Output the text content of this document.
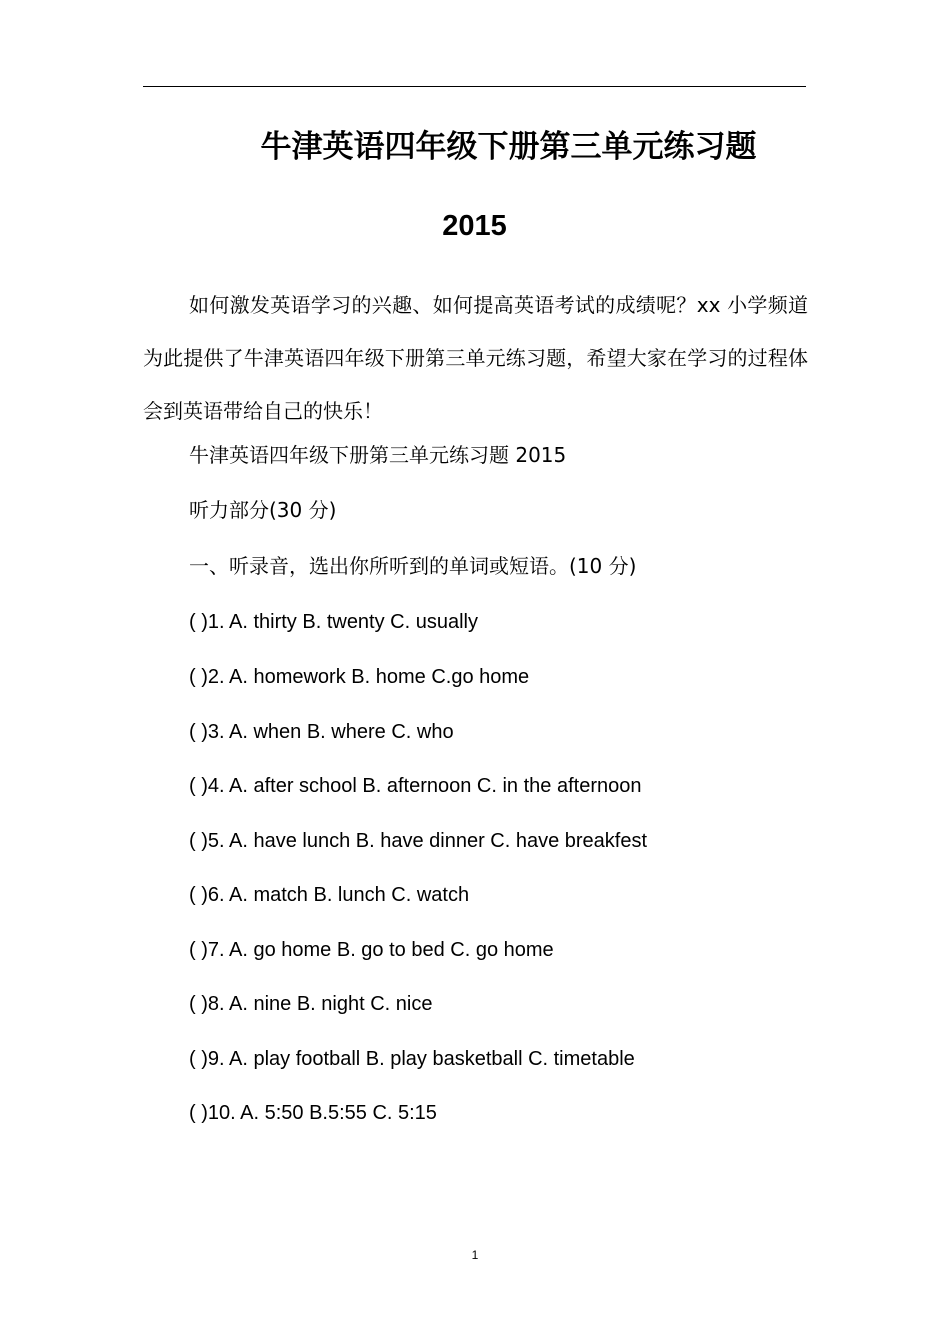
牛津英语四年级下册第三单元练习题
2015

如何激发英语学习的兴趣、如何提高英语考试的成绩呢？xx 小学频道为此提供了牛津英语四年级下册第三单元练习题，希望大家在学习的过程体会到英语带给自己的快乐！

牛津英语四年级下册第三单元练习题 2015

听力部分(30 分)

一、听录音，选出你所听到的单词或短语。(10 分)

( )1. A. thirty B. twenty C. usually

( )2. A. homework B. home C.go home

( )3. A. when B. where C. who

( )4. A. after school B. afternoon C. in the afternoon

( )5. A. have lunch B. have dinner C. have breakfest

( )6. A. match B. lunch C. watch

( )7. A. go home B. go to bed C. go home

( )8. A. nine B. night C. nice

( )9. A. play football B. play basketball C. timetable

( )10. A. 5:50 B.5:55 C. 5:15

1
